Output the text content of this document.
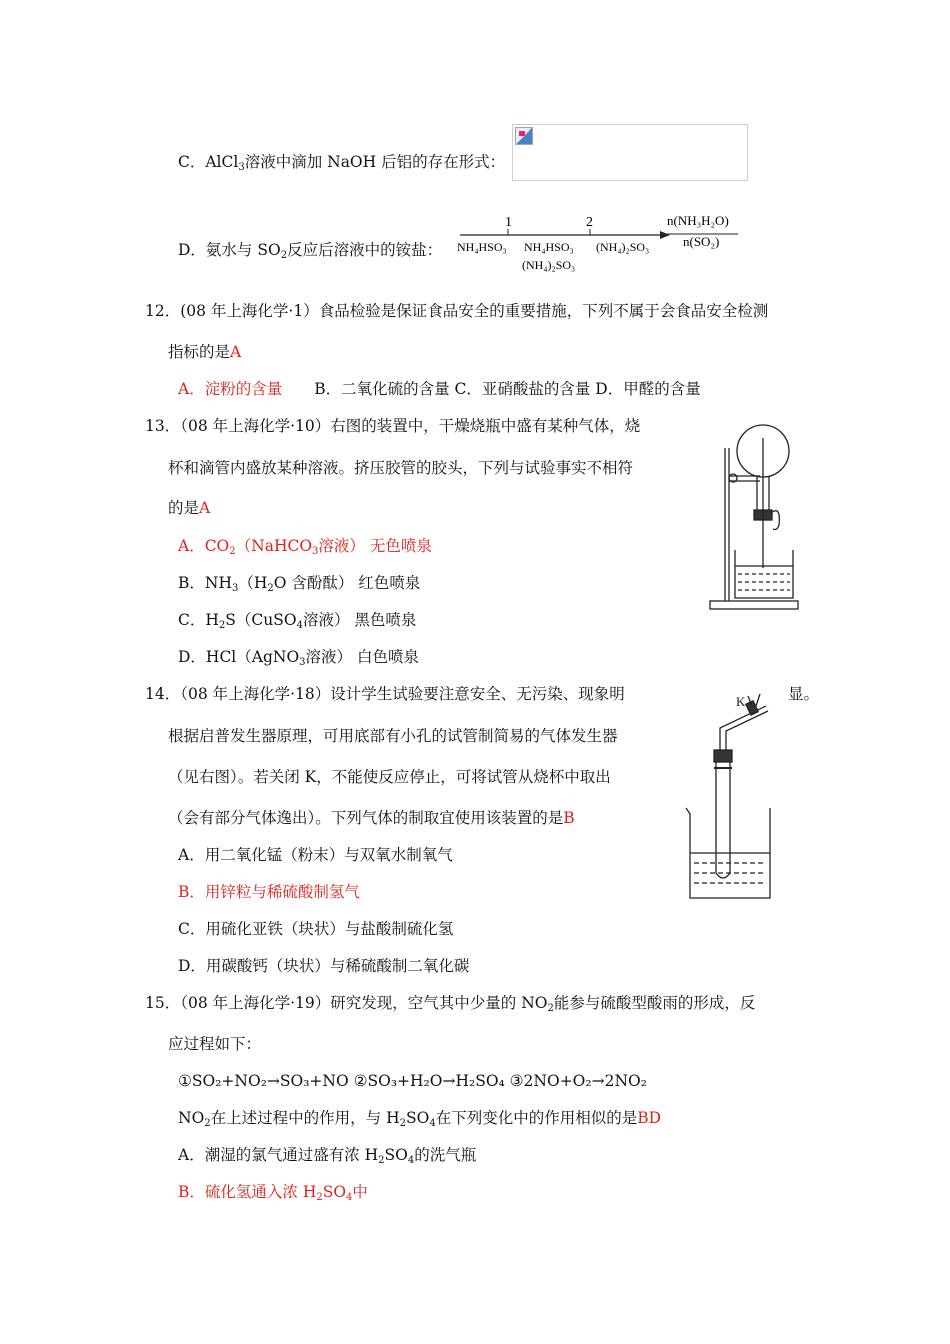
C．AlCl$_3$溶液中滴加 NaOH 后铝的存在形式：
D．氨水与 $SO_2$反应后溶液中的铵盐：
1	2	n(NH₃H₂O)
n(SO₂)
NH₄HSO₃ NH₄HSO₃
(NH₄)₂SO₃
(NH₄)₂SO₃
12．(08 年上海化学·1）食品检验是保证食品安全的重要措施，下列不属于会食品安全检测
指标的是A
A．淀粉的含量 B．二氧化硫的含量 C．亚硝酸盐的含量 D．甲醛的含量
13．（08 年上海化学·10）右图的装置中，干燥烧瓶中盛有某种气体，烧
杯和滴管内盛放某种溶液。挤压胶管的胶头，下列与试验事实不相符
的是A
A．$CO_2(NaHCO_3$溶液） 无色喷泉
B．$NH_3(H_2O$ 含酚酞） 红色喷泉
C．$H_2S(CuSO_4$溶液） 黑色喷泉
D．HCl（AgNO$_3$溶液） 白色喷泉
14．（08 年上海化学·18）设计学生试验要注意安全、无污染、现象明	显。
根据启普发生器原理，可用底部有小孔的试管制简易的气体发生器
（见右图）。若关闭 K，不能使反应停止，可将试管从烧杯中取出
（会有部分气体逸出）。下列气体的制取宜使用该装置的是B
A．用二氧化锰（粉末）与双氧水制氧气
B．用锌粒与稀硫酸制氢气
C．用硫化亚铁（块状）与盐酸制硫化氢
D．用碳酸钙（块状）与稀硫酸制二氧化碳
K
15．（08 年上海化学·19）研究发现，空气其中少量的 $NO_2$能参与硫酸型酸雨的形成，反
应过程如下：
①SO₂+NO₂→SO₃+NO ②SO₃+H₂O→H₂SO₄ ③2NO+O₂→2NO₂
$NO_2$在上述过程中的作用，与 $H_2SO_4$在下列变化中的作用相似的是BD
A．潮湿的氯气通过盛有浓 $H_2SO_4$的洗气瓶
B．硫化氢通入浓 $H_2SO_4$中
